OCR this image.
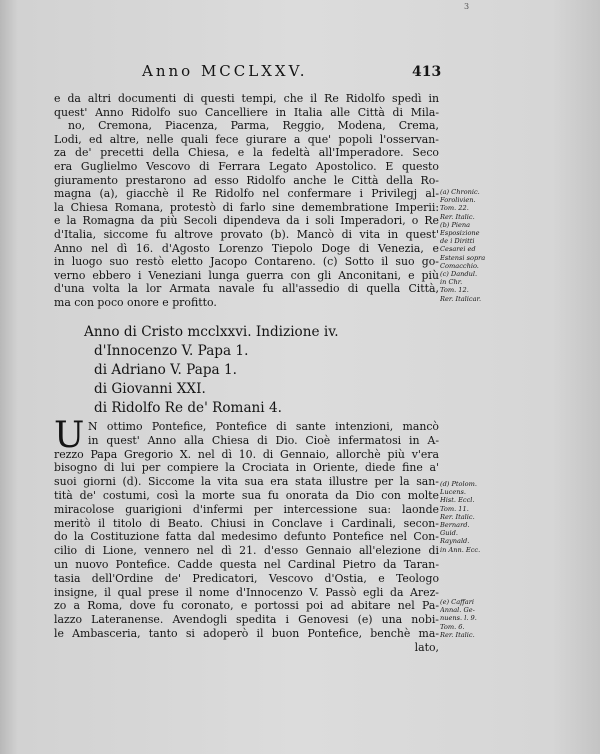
3
Anno MCCLXXV.	413
e da altri documenti di questi tempi, che il Re Ridolfo spedì in
quest' Anno Ridolfo suo Cancelliere in Italia alle Città di Mila-
no, Cremona, Piacenza, Parma, Reggio, Modena, Crema,
Lodi, ed altre, nelle quali fece giurare a que' popoli l'osservan-
za de' precetti della Chiesa, e la fedeltà all'Imperadore. Seco
era Guglielmo Vescovo di Ferrara Legato Apostolico. E questo
giuramento prestarono ad esso Ridolfo anche le Città della Ro-
magna (a), giacchè il Re Ridolfo nel confermare i Privilegj al-
la Chiesa Romana, protestò di farlo sine demembratione Imperii:
e la Romagna da più Secoli dipendeva da i soli Imperadori, o Re
d'Italia, siccome fu altrove provato (b). Mancò di vita in quest'
Anno nel dì 16. d'Agosto Lorenzo Tiepolo Doge di Venezia, e
in luogo suo restò eletto Jacopo Contareno. (c) Sotto il suo go-
verno ebbero i Veneziani lunga guerra con gli Anconitani, e più
d'una volta la lor Armata navale fu all'assedio di quella Città,
ma con poco onore e profitto.
Anno di Cristo mcclxxvi. Indizione iv.
d'Innocenzo V. Papa 1.
di Adriano V. Papa 1.
di Giovanni XXI.
di Ridolfo Re de' Romani 4.
U N ottimo Pontefice, Pontefice di sante intenzioni, mancò
in quest' Anno alla Chiesa di Dio. Cioè infermatosi in A-
rezzo Papa Gregorio X. nel dì 10. di Gennaio, allorchè più v'era
bisogno di lui per compiere la Crociata in Oriente, diede fine a'
suoi giorni (d). Siccome la vita sua era stata illustre per la san-
tità de' costumi, così la morte sua fu onorata da Dio con molte
miracolose guarigioni d'infermi per intercessione sua: laonde
meritò il titolo di Beato. Chiusi in Conclave i Cardinali, secon-
do la Costituzione fatta dal medesimo defunto Pontefice nel Con-
cilio di Lione, vennero nel dì 21. d'esso Gennaio all'elezione di
un nuovo Pontefice. Cadde questa nel Cardinal Pietro da Taran-
tasia dell'Ordine de' Predicatori, Vescovo d'Ostia, e Teologo
insigne, il qual prese il nome d'Innocenzo V. Passò egli da Arez-
zo a Roma, dove fu coronato, e portossi poi ad abitare nel Pa-
lazzo Lateranense. Avendogli spedita i Genovesi (e) una nobi-
le Ambasceria, tanto si adoperò il buon Pontefice, benchè ma-
lato,
(a) Chronic.
Forolivien.
Tom. 22.
Rer. Italic.
(b) Piena
Esposizione
de i Diritti
Cesarei ed
Estensi sopra
Comacchio.
(c) Dandul.
in Chr.
Tom. 12.
Rer. Italicar.
(d) Ptolom.
Lucens.
Hist. Eccl.
Tom. 11.
Rer. Italic.
Bernard.
Guid.
Raynald.
in Ann. Ecc.
(e) Caffari
Annal. Ge-
nuens. l. 9.
Tom. 6.
Rer. Italic.
